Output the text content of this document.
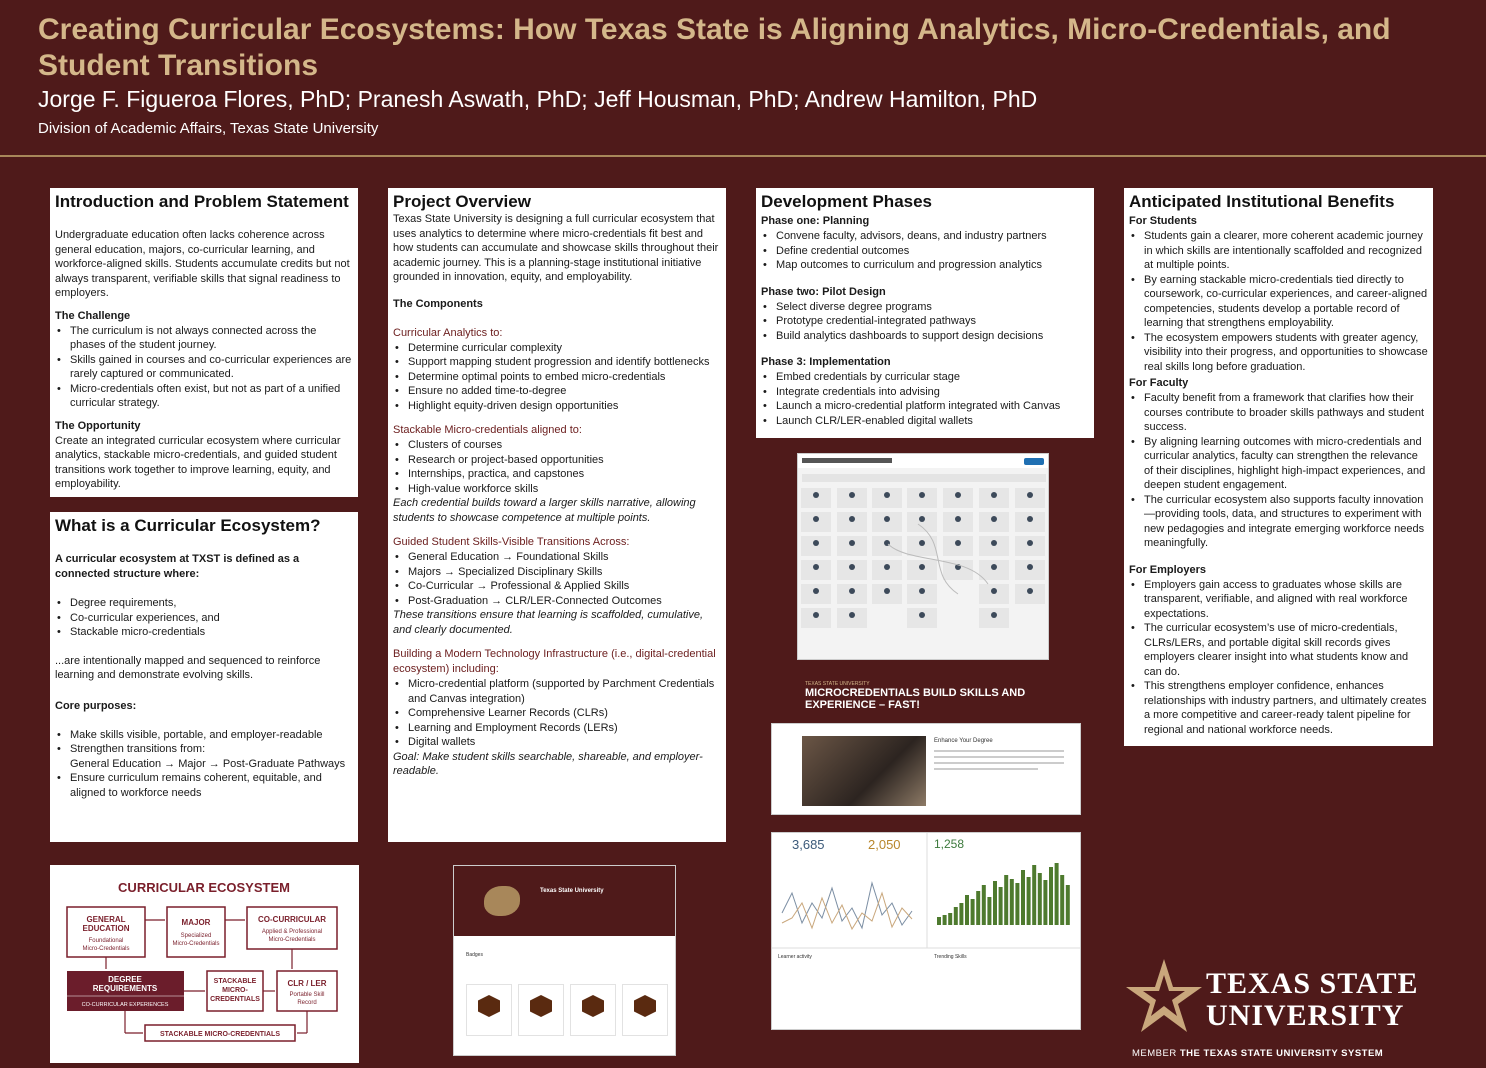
Creating Curricular Ecosystems: How Texas State is Aligning Analytics, Micro-Credentials, and Student Transitions
Jorge F. Figueroa Flores, PhD; Pranesh Aswath, PhD; Jeff Housman, PhD; Andrew Hamilton, PhD
Division of Academic Affairs, Texas State University
Introduction and Problem Statement

Undergraduate education often lacks coherence across general education, majors, co-curricular learning, and workforce-aligned skills. Students accumulate credits but not always transparent, verifiable skills that signal readiness to employers.

The Challenge
• The curriculum is not always connected across the phases of the student journey.
• Skills gained in courses and co-curricular experiences are rarely captured or communicated.
• Micro-credentials often exist, but not as part of a unified curricular strategy.
The Opportunity

Create an integrated curricular ecosystem where curricular analytics, stackable micro-credentials, and guided student transitions work together to improve learning, equity, and employability.

What is a Curricular Ecosystem?
A curricular ecosystem at TXST is defined as a connected structure where:
• Degree requirements,
• Co-curricular experiences, and
• Stackable micro-credentials

...are intentionally mapped and sequenced to reinforce learning and demonstrate evolving skills.

Core purposes:
• Make skills visible, portable, and employer-readable
• Strengthen transitions from:
General Education → Major → Post-Graduate Pathways
• Ensure curriculum remains coherent, equitable, and aligned to workforce needs
Project Overview

Texas State University is designing a full curricular ecosystem that uses analytics to determine where micro-credentials fit best and how students can accumulate and showcase skills throughout their academic journey. This is a planning-stage institutional initiative grounded in innovation, equity, and employability.

The Components
Curricular Analytics to:
• Determine curricular complexity
• Support mapping student progression and identify bottlenecks
• Determine optimal points to embed micro-credentials
• Ensure no added time-to-degree
• Highlight equity-driven design opportunities
Stackable Micro-credentials aligned to:
• Clusters of courses
• Research or project-based opportunities
• Internships, practica, and capstones
• High-value workforce skills

Each credential builds toward a larger skills narrative, allowing students to showcase competence at multiple points.

Guided Student Skills-Visible Transitions Across:
• General Education → Foundational Skills
• Majors → Specialized Disciplinary Skills
• Co-Curricular → Professional & Applied Skills
• Post-Graduation → CLR/LER-Connected Outcomes

These transitions ensure that learning is scaffolded, cumulative, and clearly documented.

Building a Modern Technology Infrastructure (i.e., digital-credential ecosystem) including:
• Micro-credential platform (supported by Parchment Credentials and Canvas integration)
• Comprehensive Learner Records (CLRs)
• Learning and Employment Records (LERs)
• Digital wallets

Goal: Make student skills searchable, shareable, and employer-readable.

Development Phases
Phase one: Planning
• Convene faculty, advisors, deans, and industry partners
• Define credential outcomes
• Map outcomes to curriculum and progression analytics
Phase two: Pilot Design
• Select diverse degree programs
• Prototype credential-integrated pathways
• Build analytics dashboards to support design decisions
Phase 3: Implementation
• Embed credentials by curricular stage
• Integrate credentials into advising
• Launch a micro-credential platform integrated with Canvas
• Launch CLR/LER-enabled digital wallets
Anticipated Institutional Benefits
For Students
• Students gain a clearer, more coherent academic journey in which skills are intentionally scaffolded and recognized at multiple points.
• By earning stackable micro-credentials tied directly to coursework, co-curricular experiences, and career-aligned competencies, students develop a portable record of learning that strengthens employability.
• The ecosystem empowers students with greater agency, visibility into their progress, and opportunities to showcase real skills long before graduation.
For Faculty
• Faculty benefit from a framework that clarifies how their courses contribute to broader skills pathways and student success.
• By aligning learning outcomes with micro-credentials and curricular analytics, faculty can strengthen the relevance of their disciplines, highlight high-impact experiences, and deepen student engagement.
• The curricular ecosystem also supports faculty innovation—providing tools, data, and structures to experiment with new pedagogies and integrate emerging workforce needs meaningfully.
For Employers
• Employers gain access to graduates whose skills are transparent, verifiable, and aligned with real workforce expectations.
• The curricular ecosystem’s use of micro-credentials, CLRs/LERs, and portable digital skill records gives employers clearer insight into what students know and can do.
• This strengthens employer confidence, enhances relationships with industry partners, and ultimately creates a more competitive and career-ready talent pipeline for regional and national workforce needs.
TEXAS STATE UNIVERSITY
MICROCREDENTIALS BUILD SKILLS AND EXPERIENCE – FAST!
Enhance Your Degree
3,685	2,050	1,258
Learner activity	Trending Skills
CURRICULAR ECOSYSTEM
GENERAL
EDUCATION
Foundational
Micro-Credentials
MAJOR
Specialized
Micro-Credentials
CO-CURRICULAR
Applied & Professional
Micro-Credentials
DEGREE
REQUIREMENTS
CO-CURRICULAR EXPERIENCES
STACKABLE
MICRO-
CREDENTIALS
CLR / LER
Portable Skill
Record
STACKABLE MICRO-CREDENTIALS
Texas State University
Badges
TEXAS STATE
UNIVERSITY
MEMBER THE TEXAS STATE UNIVERSITY SYSTEM
